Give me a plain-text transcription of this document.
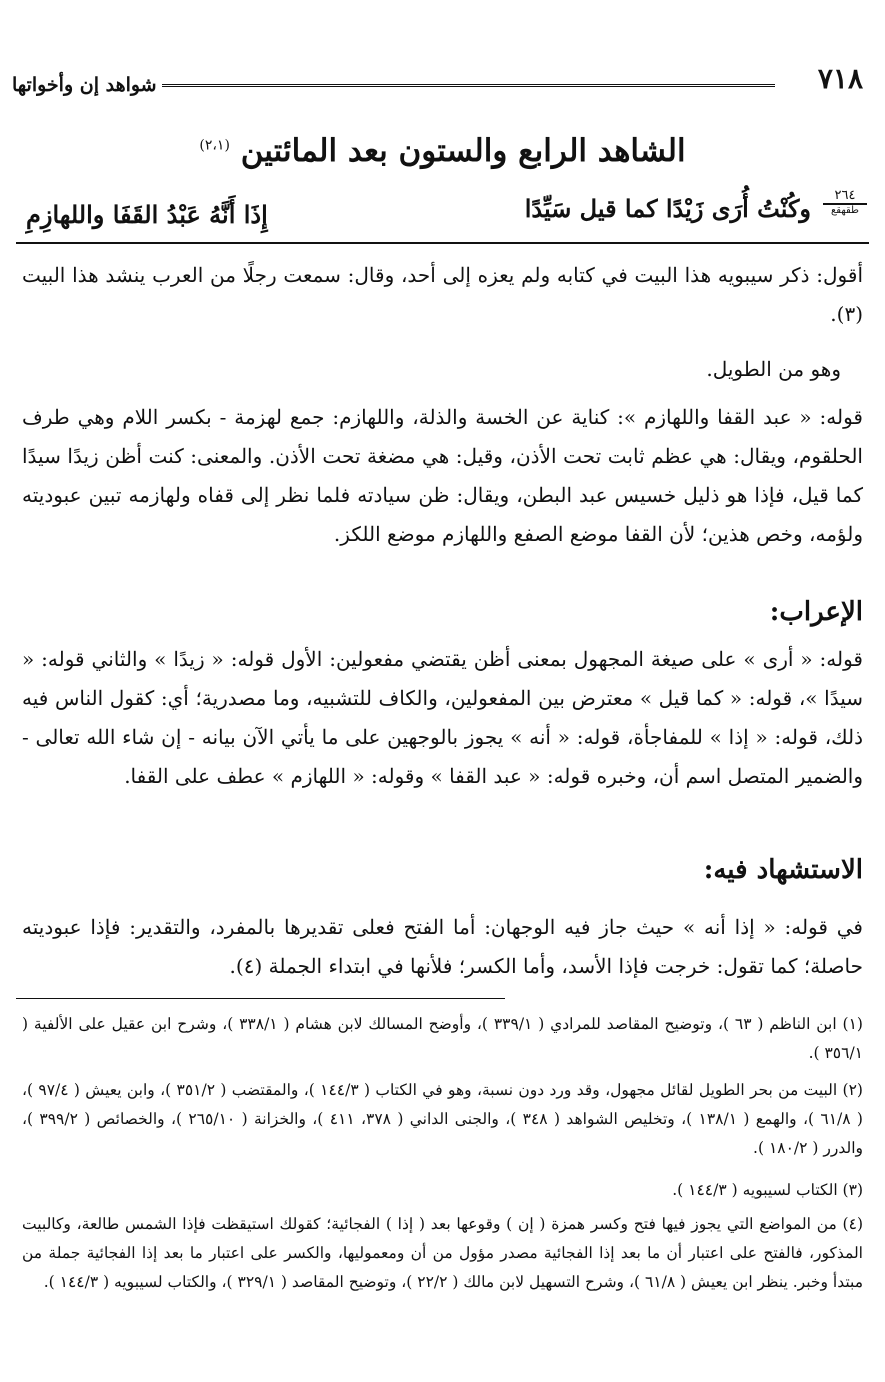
٧١٨
شواهد إن وأخواتها
الشاهد الرابع والستون بعد المائتين $^{(٢،١)}$
٢٦٤
طقهقع
وكُنْتُ أُرَى زَيْدًا كما قيل سَيِّدًا
إِذَا أَنَّهُ عَبْدُ القَفَا واللهازِمِ

أقول: ذكر سيبويه هذا البيت في كتابه ولم يعزه إلى أحد، وقال: سمعت رجلًا من العرب ينشد هذا البيت (٣).

وهو من الطويل.

قوله: « عبد القفا واللهازم »: كناية عن الخسة والذلة، واللهازم: جمع لهزمة - بكسر اللام وهي طرف الحلقوم، ويقال: هي عظم ثابت تحت الأذن، وقيل: هي مضغة تحت الأذن. والمعنى: كنت أظن زيدًا سيدًا كما قيل، فإذا هو ذليل خسيس عبد البطن، ويقال: ظن سيادته فلما نظر إلى قفاه ولهازمه تبين عبوديته ولؤمه، وخص هذين؛ لأن القفا موضع الصفع واللهازم موضع اللكز.

الإعراب:

قوله: « أرى » على صيغة المجهول بمعنى أظن يقتضي مفعولين: الأول قوله: « زيدًا » والثاني قوله: « سيدًا »، قوله: « كما قيل » معترض بين المفعولين، والكاف للتشبيه، وما مصدرية؛ أي: كقول الناس فيه ذلك، قوله: « إذا » للمفاجأة، قوله: « أنه » يجوز بالوجهين على ما يأتي الآن بيانه - إن شاء الله تعالى - والضمير المتصل اسم أن، وخبره قوله: « عبد القفا » وقوله: « اللهازم » عطف على القفا.

الاستشهاد فيه:

في قوله: « إذا أنه » حيث جاز فيه الوجهان: أما الفتح فعلى تقديرها بالمفرد، والتقدير: فإذا عبوديته حاصلة؛ كما تقول: خرجت فإذا الأسد، وأما الكسر؛ فلأنها في ابتداء الجملة (٤).

(١) ابن الناظم ( ٦٣ )، وتوضيح المقاصد للمرادي ( ٣٣٩/١ )، وأوضح المسالك لابن هشام ( ٣٣٨/١ )، وشرح ابن عقيل على الألفية ( ٣٥٦/١ ).

(٢) البيت من بحر الطويل لقائل مجهول، وقد ورد دون نسبة، وهو في الكتاب ( ١٤٤/٣ )، والمقتضب ( ٣٥١/٢ )، وابن يعيش ( ٩٧/٤ )، ( ٦١/٨ )، والهمع ( ١٣٨/١ )، وتخليص الشواهد ( ٣٤٨ )، والجنى الداني ( ٣٧٨، ٤١١ )، والخزانة ( ٢٦٥/١٠ )، والخصائص ( ٣٩٩/٢ )، والدرر ( ١٨٠/٢ ).

(٣) الكتاب لسيبويه ( ١٤٤/٣ ).

(٤) من المواضع التي يجوز فيها فتح وكسر همزة ( إن ) وقوعها بعد ( إذا ) الفجائية؛ كقولك استيقظت فإذا الشمس طالعة، وكالبيت المذكور، فالفتح على اعتبار أن ما بعد إذا الفجائية مصدر مؤول من أن ومعموليها، والكسر على اعتبار ما بعد إذا الفجائية جملة من مبتدأ وخبر. ينظر ابن يعيش ( ٦١/٨ )، وشرح التسهيل لابن مالك ( ٢٢/٢ )، وتوضيح المقاصد ( ٣٢٩/١ )، والكتاب لسيبويه ( ١٤٤/٣ ).
